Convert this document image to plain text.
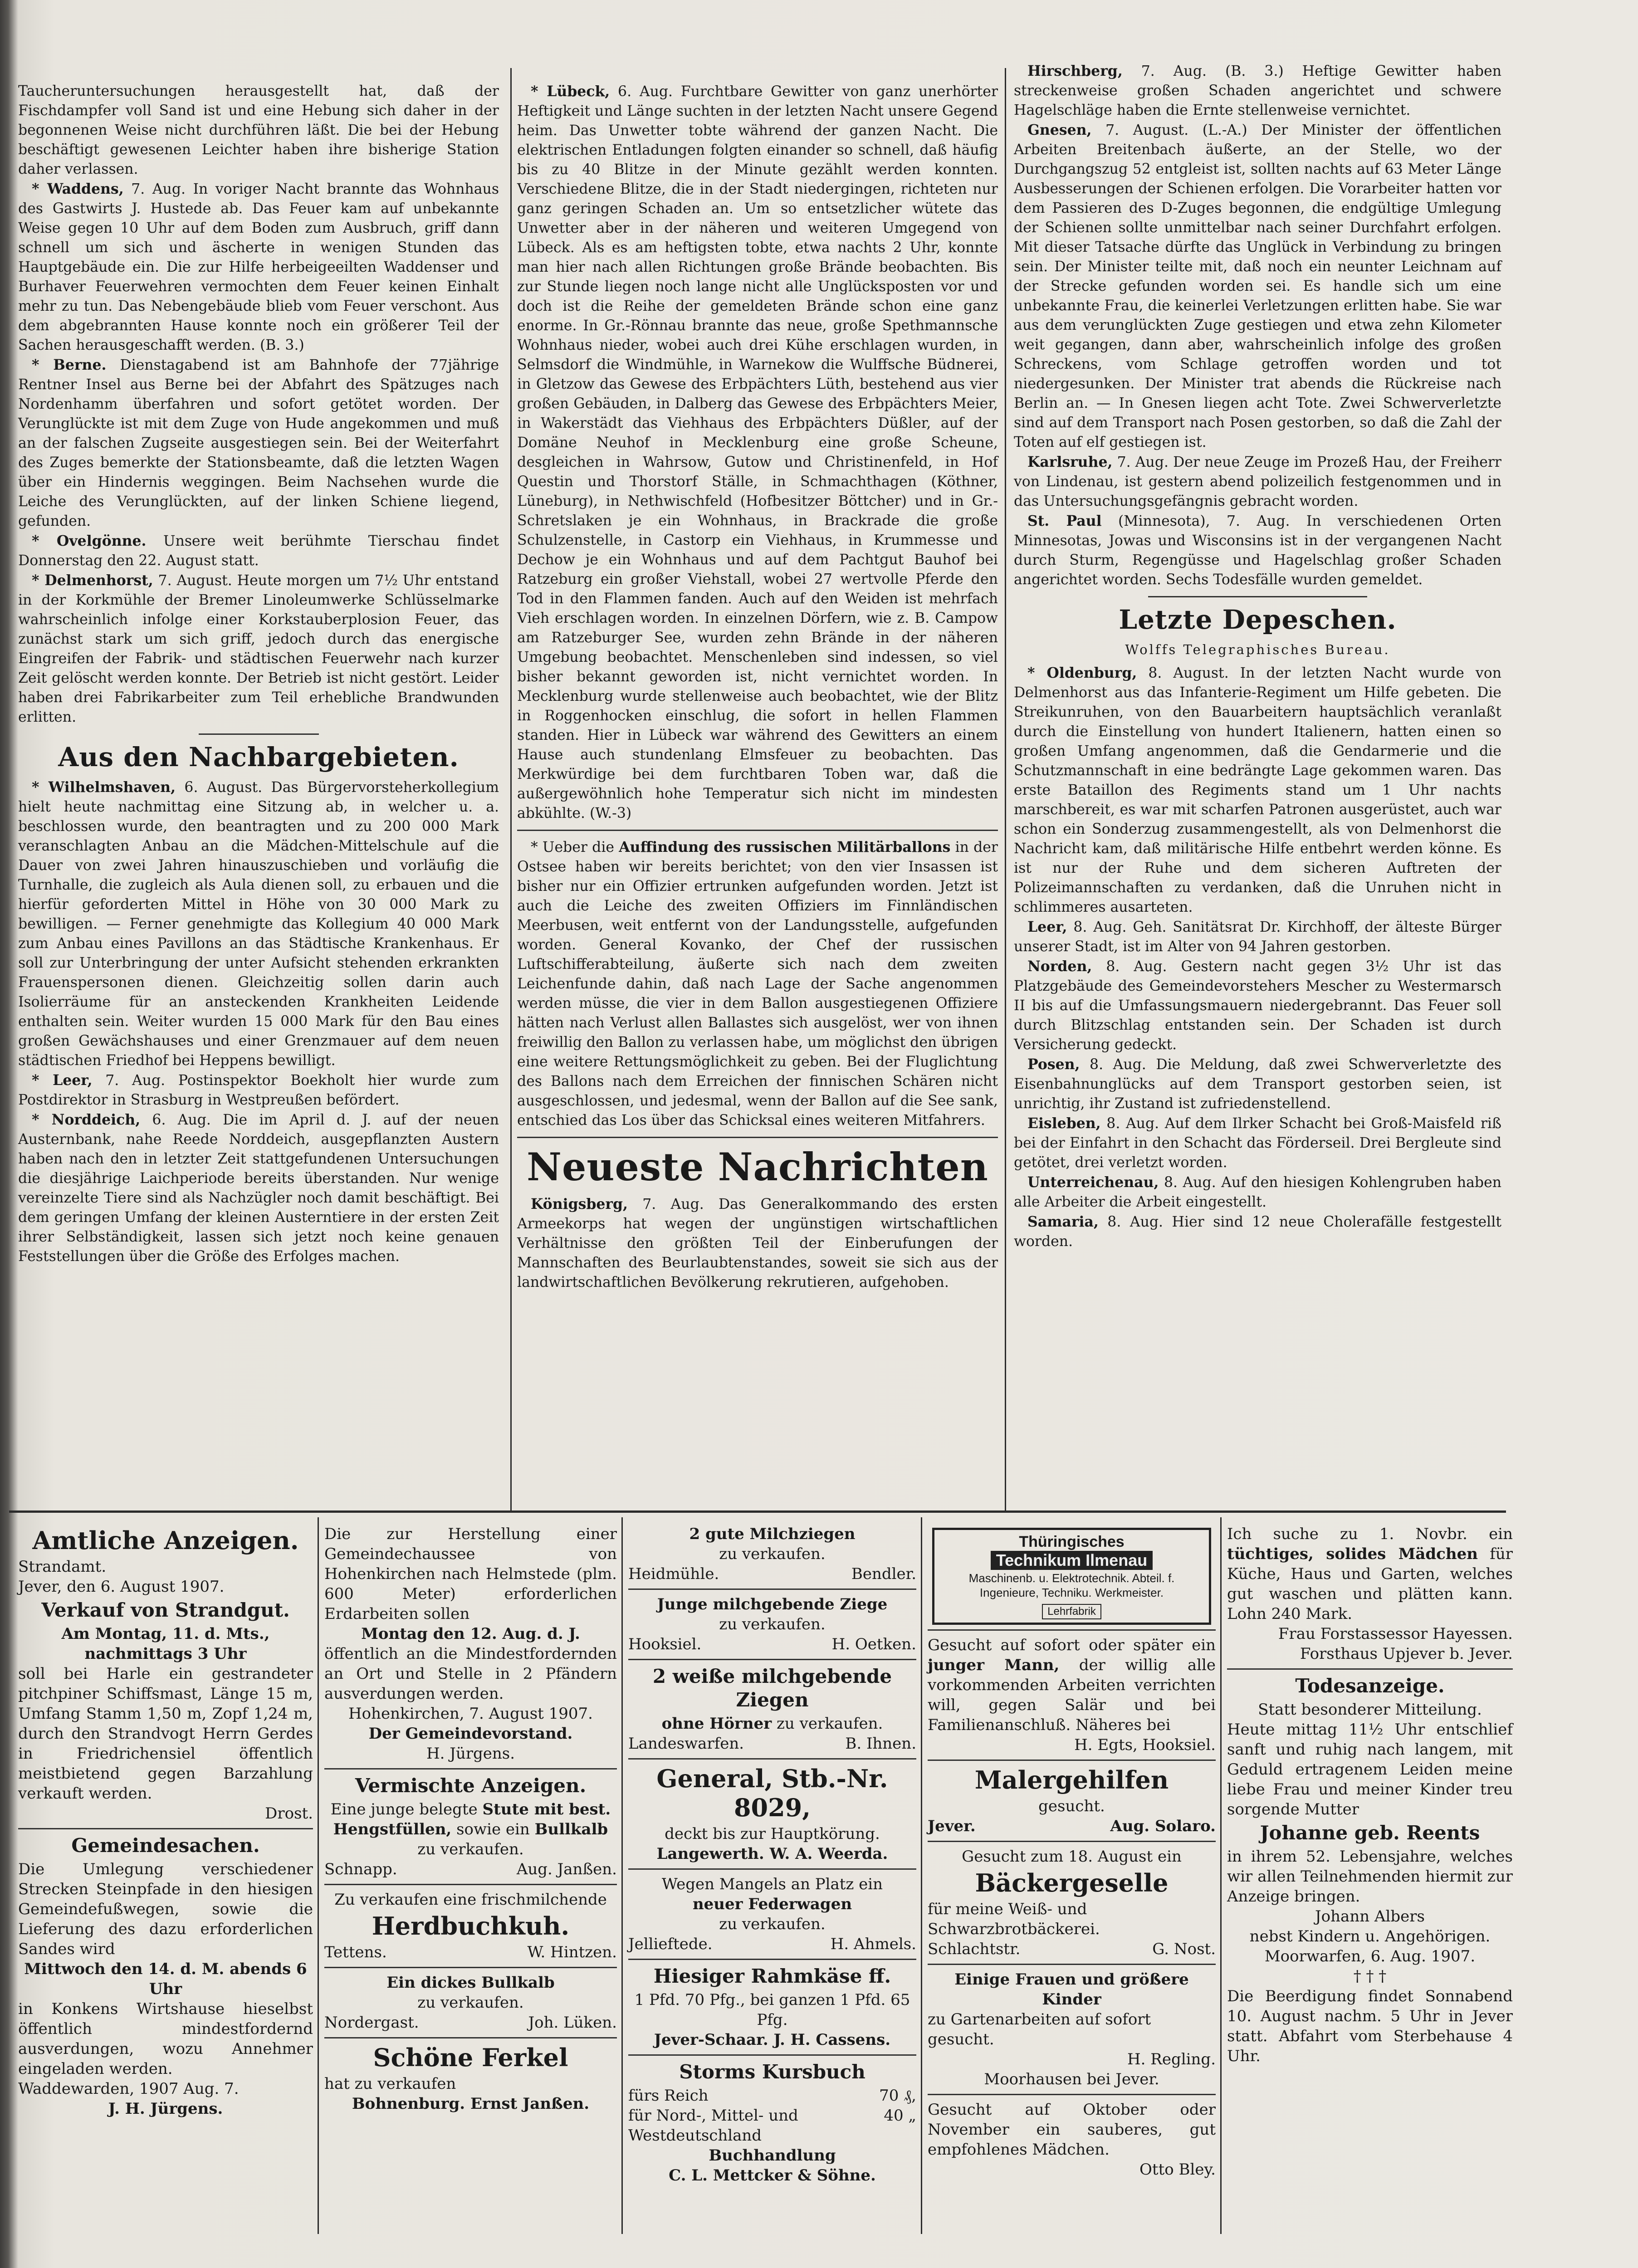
Taucheruntersuchungen herausgestellt hat, daß der Fischdampfer voll Sand ist und eine Hebung sich daher in der begonnenen Weise nicht durchführen läßt. Die bei der Hebung beschäftigt gewesenen Leichter haben ihre bisherige Station daher verlassen.

* Waddens, 7. Aug. In voriger Nacht brannte das Wohnhaus des Gastwirts J. Hustede ab. Das Feuer kam auf unbekannte Weise gegen 10 Uhr auf dem Boden zum Ausbruch, griff dann schnell um sich und äscherte in wenigen Stunden das Hauptgebäude ein. Die zur Hilfe herbeigeeilten Waddenser und Burhaver Feuerwehren vermochten dem Feuer keinen Einhalt mehr zu tun. Das Nebengebäude blieb vom Feuer verschont. Aus dem abgebrannten Hause konnte noch ein größerer Teil der Sachen herausgeschafft werden. (B. 3.)

* Berne. Dienstagabend ist am Bahnhofe der 77jährige Rentner Insel aus Berne bei der Abfahrt des Spätzuges nach Nordenhamm überfahren und sofort getötet worden. Der Verunglückte ist mit dem Zuge von Hude angekommen und muß an der falschen Zugseite ausgestiegen sein. Bei der Weiterfahrt des Zuges bemerkte der Stationsbeamte, daß die letzten Wagen über ein Hindernis weggingen. Beim Nachsehen wurde die Leiche des Verunglückten, auf der linken Schiene liegend, gefunden.

* Ovelgönne. Unsere weit berühmte Tierschau findet Donnerstag den 22. August statt.

* Delmenhorst, 7. August. Heute morgen um 7½ Uhr entstand in der Korkmühle der Bremer Linoleumwerke Schlüsselmarke wahrscheinlich infolge einer Korkstauberplosion Feuer, das zunächst stark um sich griff, jedoch durch das energische Eingreifen der Fabrik- und städtischen Feuerwehr nach kurzer Zeit gelöscht werden konnte. Der Betrieb ist nicht gestört. Leider haben drei Fabrikarbeiter zum Teil erhebliche Brandwunden erlitten.

Aus den Nachbargebieten.

* Wilhelmshaven, 6. August. Das Bürgervorsteherkollegium hielt heute nachmittag eine Sitzung ab, in welcher u. a. beschlossen wurde, den beantragten und zu 200 000 Mark veranschlagten Anbau an die Mädchen-Mittelschule auf die Dauer von zwei Jahren hinauszuschieben und vorläufig die Turnhalle, die zugleich als Aula dienen soll, zu erbauen und die hierfür geforderten Mittel in Höhe von 30 000 Mark zu bewilligen. — Ferner genehmigte das Kollegium 40 000 Mark zum Anbau eines Pavillons an das Städtische Krankenhaus. Er soll zur Unterbringung der unter Aufsicht stehenden erkrankten Frauenspersonen dienen. Gleichzeitig sollen darin auch Isolierräume für an ansteckenden Krankheiten Leidende enthalten sein. Weiter wurden 15 000 Mark für den Bau eines großen Gewächshauses und einer Grenzmauer auf dem neuen städtischen Friedhof bei Heppens bewilligt.

* Leer, 7. Aug. Postinspektor Boekholt hier wurde zum Postdirektor in Strasburg in Westpreußen befördert.

* Norddeich, 6. Aug. Die im April d. J. auf der neuen Austernbank, nahe Reede Norddeich, ausgepflanzten Austern haben nach den in letzter Zeit stattgefundenen Untersuchungen die diesjährige Laichperiode bereits überstanden. Nur wenige vereinzelte Tiere sind als Nachzügler noch damit beschäftigt. Bei dem geringen Umfang der kleinen Austerntiere in der ersten Zeit ihrer Selbständigkeit, lassen sich jetzt noch keine genauen Feststellungen über die Größe des Erfolges machen.

* Lübeck, 6. Aug. Furchtbare Gewitter von ganz unerhörter Heftigkeit und Länge suchten in der letzten Nacht unsere Gegend heim. Das Unwetter tobte während der ganzen Nacht. Die elektrischen Entladungen folgten einander so schnell, daß häufig bis zu 40 Blitze in der Minute gezählt werden konnten. Verschiedene Blitze, die in der Stadt niedergingen, richteten nur ganz geringen Schaden an. Um so entsetzlicher wütete das Unwetter aber in der näheren und weiteren Umgegend von Lübeck. Als es am heftigsten tobte, etwa nachts 2 Uhr, konnte man hier nach allen Richtungen große Brände beobachten. Bis zur Stunde liegen noch lange nicht alle Unglücksposten vor und doch ist die Reihe der gemeldeten Brände schon eine ganz enorme. In Gr.-Rönnau brannte das neue, große Spethmannsche Wohnhaus nieder, wobei auch drei Kühe erschlagen wurden, in Selmsdorf die Windmühle, in Warnekow die Wulffsche Büdnerei, in Gletzow das Gewese des Erbpächters Lüth, bestehend aus vier großen Gebäuden, in Dalberg das Gewese des Erbpächters Meier, in Wakerstädt das Viehhaus des Erbpächters Düßler, auf der Domäne Neuhof in Mecklenburg eine große Scheune, desgleichen in Wahrsow, Gutow und Christinenfeld, in Hof Questin und Thorstorf Ställe, in Schmachthagen (Köthner, Lüneburg), in Nethwischfeld (Hofbesitzer Böttcher) und in Gr.-Schretslaken je ein Wohnhaus, in Brackrade die große Schulzenstelle, in Castorp ein Viehhaus, in Krummesse und Dechow je ein Wohnhaus und auf dem Pachtgut Bauhof bei Ratzeburg ein großer Viehstall, wobei 27 wertvolle Pferde den Tod in den Flammen fanden. Auch auf den Weiden ist mehrfach Vieh erschlagen worden. In einzelnen Dörfern, wie z. B. Campow am Ratzeburger See, wurden zehn Brände in der näheren Umgebung beobachtet. Menschenleben sind indessen, so viel bisher bekannt geworden ist, nicht vernichtet worden. In Mecklenburg wurde stellenweise auch beobachtet, wie der Blitz in Roggenhocken einschlug, die sofort in hellen Flammen standen. Hier in Lübeck war während des Gewitters an einem Hause auch stundenlang Elmsfeuer zu beobachten. Das Merkwürdige bei dem furchtbaren Toben war, daß die außergewöhnlich hohe Temperatur sich nicht im mindesten abkühlte. (W.-3)

* Ueber die Auffindung des russischen Militärballons in der Ostsee haben wir bereits berichtet; von den vier Insassen ist bisher nur ein Offizier ertrunken aufgefunden worden. Jetzt ist auch die Leiche des zweiten Offiziers im Finnländischen Meerbusen, weit entfernt von der Landungsstelle, aufgefunden worden. General Kovanko, der Chef der russischen Luftschifferabteilung, äußerte sich nach dem zweiten Leichenfunde dahin, daß nach Lage der Sache angenommen werden müsse, die vier in dem Ballon ausgestiegenen Offiziere hätten nach Verlust allen Ballastes sich ausgelöst, wer von ihnen freiwillig den Ballon zu verlassen habe, um möglichst den übrigen eine weitere Rettungsmöglichkeit zu geben. Bei der Fluglichtung des Ballons nach dem Erreichen der finnischen Schären nicht ausgeschlossen, und jedesmal, wenn der Ballon auf die See sank, entschied das Los über das Schicksal eines weiteren Mitfahrers.

Neueste Nachrichten

Königsberg, 7. Aug. Das Generalkommando des ersten Armeekorps hat wegen der ungünstigen wirtschaftlichen Verhältnisse den größten Teil der Einberufungen der Mannschaften des Beurlaubtenstandes, soweit sie sich aus der landwirtschaftlichen Bevölkerung rekrutieren, aufgehoben.

Hirschberg, 7. Aug. (B. 3.) Heftige Gewitter haben streckenweise großen Schaden angerichtet und schwere Hagelschläge haben die Ernte stellenweise vernichtet.

Gnesen, 7. August. (L.-A.) Der Minister der öffentlichen Arbeiten Breitenbach äußerte, an der Stelle, wo der Durchgangszug 52 entgleist ist, sollten nachts auf 63 Meter Länge Ausbesserungen der Schienen erfolgen. Die Vorarbeiter hatten vor dem Passieren des D-Zuges begonnen, die endgültige Umlegung der Schienen sollte unmittelbar nach seiner Durchfahrt erfolgen. Mit dieser Tatsache dürfte das Unglück in Verbindung zu bringen sein. Der Minister teilte mit, daß noch ein neunter Leichnam auf der Strecke gefunden worden sei. Es handle sich um eine unbekannte Frau, die keinerlei Verletzungen erlitten habe. Sie war aus dem verunglückten Zuge gestiegen und etwa zehn Kilometer weit gegangen, dann aber, wahrscheinlich infolge des großen Schreckens, vom Schlage getroffen worden und tot niedergesunken. Der Minister trat abends die Rückreise nach Berlin an. — In Gnesen liegen acht Tote. Zwei Schwerverletzte sind auf dem Transport nach Posen gestorben, so daß die Zahl der Toten auf elf gestiegen ist.

Karlsruhe, 7. Aug. Der neue Zeuge im Prozeß Hau, der Freiherr von Lindenau, ist gestern abend polizeilich festgenommen und in das Untersuchungsgefängnis gebracht worden.

St. Paul (Minnesota), 7. Aug. In verschiedenen Orten Minnesotas, Jowas und Wisconsins ist in der vergangenen Nacht durch Sturm, Regengüsse und Hagelschlag großer Schaden angerichtet worden. Sechs Todesfälle wurden gemeldet.

Letzte Depeschen.
Wolffs Telegraphisches Bureau.

* Oldenburg, 8. August. In der letzten Nacht wurde von Delmenhorst aus das Infanterie-Regiment um Hilfe gebeten. Die Streikunruhen, von den Bauarbeitern hauptsächlich veranlaßt durch die Einstellung von hundert Italienern, hatten einen so großen Umfang angenommen, daß die Gendarmerie und die Schutzmannschaft in eine bedrängte Lage gekommen waren. Das erste Bataillon des Regiments stand um 1 Uhr nachts marschbereit, es war mit scharfen Patronen ausgerüstet, auch war schon ein Sonderzug zusammengestellt, als von Delmenhorst die Nachricht kam, daß militärische Hilfe entbehrt werden könne. Es ist nur der Ruhe und dem sicheren Auftreten der Polizeimannschaften zu verdanken, daß die Unruhen nicht in schlimmeres ausarteten.

Leer, 8. Aug. Geh. Sanitätsrat Dr. Kirchhoff, der älteste Bürger unserer Stadt, ist im Alter von 94 Jahren gestorben.

Norden, 8. Aug. Gestern nacht gegen 3½ Uhr ist das Platzgebäude des Gemeindevorstehers Mescher zu Westermarsch II bis auf die Umfassungsmauern niedergebrannt. Das Feuer soll durch Blitzschlag entstanden sein. Der Schaden ist durch Versicherung gedeckt.

Posen, 8. Aug. Die Meldung, daß zwei Schwerverletzte des Eisenbahnunglücks auf dem Transport gestorben seien, ist unrichtig, ihr Zustand ist zufriedenstellend.

Eisleben, 8. Aug. Auf dem Ilrker Schacht bei Groß-Maisfeld riß bei der Einfahrt in den Schacht das Förderseil. Drei Bergleute sind getötet, drei verletzt worden.

Unterreichenau, 8. Aug. Auf den hiesigen Kohlengruben haben alle Arbeiter die Arbeit eingestellt.

Samaria, 8. Aug. Hier sind 12 neue Cholerafälle festgestellt worden.

Amtliche Anzeigen.
Strandamt.
Jever, den 6. August 1907.
Verkauf von Strandgut.
Am Montag, 11. d. Mts., nachmittags 3 Uhr
soll bei Harle ein gestrandeter pitchpiner Schiffsmast, Länge 15 m, Umfang Stamm 1,50 m, Zopf 1,24 m, durch den Strandvogt Herrn Gerdes in Friedrichensiel öffentlich meistbietend gegen Barzahlung verkauft werden.
Drost.
Gemeindesachen.
Die Umlegung verschiedener Strecken Steinpfade in den hiesigen Gemeindefußwegen, sowie die Lieferung des dazu erforderlichen Sandes wird
Mittwoch den 14. d. M. abends 6 Uhr
in Konkens Wirtshause hieselbst öffentlich mindestfordernd ausverdungen, wozu Annehmer eingeladen werden.
Waddewarden, 1907 Aug. 7.
J. H. Jürgens.
Die zur Herstellung einer Gemeindechaussee von Hohenkirchen nach Helmstede (plm. 600 Meter) erforderlichen Erdarbeiten sollen
Montag den 12. Aug. d. J.
öffentlich an die Mindestfordernden an Ort und Stelle in 2 Pfändern ausverdungen werden.
Hohenkirchen, 7. August 1907.
Der Gemeindevorstand.
H. Jürgens.
Vermischte Anzeigen.
Eine junge belegte Stute mit best. Hengstfüllen, sowie ein Bullkalb zu verkaufen.
Schnapp.	Aug. Janßen.
Zu verkaufen eine frischmilchende
Herdbuchkuh.
Tettens.	W. Hintzen.
Ein dickes Bullkalb
zu verkaufen.
Nordergast.	Joh. Lüken.
Schöne Ferkel
hat zu verkaufen
Bohnenburg. Ernst Janßen.
2 gute Milchziegen
zu verkaufen.
Heidmühle.	Bendler.
Junge milchgebende Ziege
zu verkaufen.
Hooksiel.	H. Oetken.
2 weiße milchgebende Ziegen
ohne Hörner zu verkaufen.
Landeswarfen.	B. Ihnen.
General, Stb.-Nr. 8029,
deckt bis zur Hauptkörung.
Langewerth. W. A. Weerda.
Wegen Mangels an Platz ein
neuer Federwagen
zu verkaufen.
Jellieftede.	H. Ahmels.
Hiesiger Rahmkäse ff.
1 Pfd. 70 Pfg., bei ganzen 1 Pfd. 65 Pfg.
Jever-Schaar. J. H. Cassens.
Storms Kursbuch
fürs Reich	70 ₰,
für Nord-, Mittel- und Westdeutschland
40 „
Buchhandlung
C. L. Mettcker & Söhne.
Thüringisches
Technikum Ilmenau
Maschinenb. u. Elektrotechnik. Abteil. f. Ingenieure, Techniku. Werkmeister.
Lehrfabrik
Gesucht auf sofort oder später ein junger Mann, der willig alle vorkommenden Arbeiten verrichten will, gegen Salär und bei Familienanschluß. Näheres bei
H. Egts, Hooksiel.
Malergehilfen
gesucht.
Jever.	Aug. Solaro.
Gesucht zum 18. August ein
Bäckergeselle
für meine Weiß- und Schwarzbrotbäckerei.
Schlachtstr.	G. Nost.
Einige Frauen und größere Kinder
zu Gartenarbeiten auf sofort gesucht.
H. Regling.
Moorhausen bei Jever.
Gesucht auf Oktober oder November ein sauberes, gut empfohlenes Mädchen.
Otto Bley.
Ich suche zu 1. Novbr. ein tüchtiges, solides Mädchen für Küche, Haus und Garten, welches gut waschen und plätten kann. Lohn 240 Mark.
Frau Forstassessor Hayessen.
Forsthaus Upjever b. Jever.
Todesanzeige.
Statt besonderer Mitteilung.
Heute mittag 11½ Uhr entschlief sanft und ruhig nach langem, mit Geduld ertragenem Leiden meine liebe Frau und meiner Kinder treu sorgende Mutter
Johanne geb. Reents
in ihrem 52. Lebensjahre, welches wir allen Teilnehmenden hiermit zur Anzeige bringen.
Johann Albers
nebst Kindern u. Angehörigen.
Moorwarfen, 6. Aug. 1907.
† † †
Die Beerdigung findet Sonnabend 10. August nachm. 5 Uhr in Jever statt. Abfahrt vom Sterbehause 4 Uhr.
